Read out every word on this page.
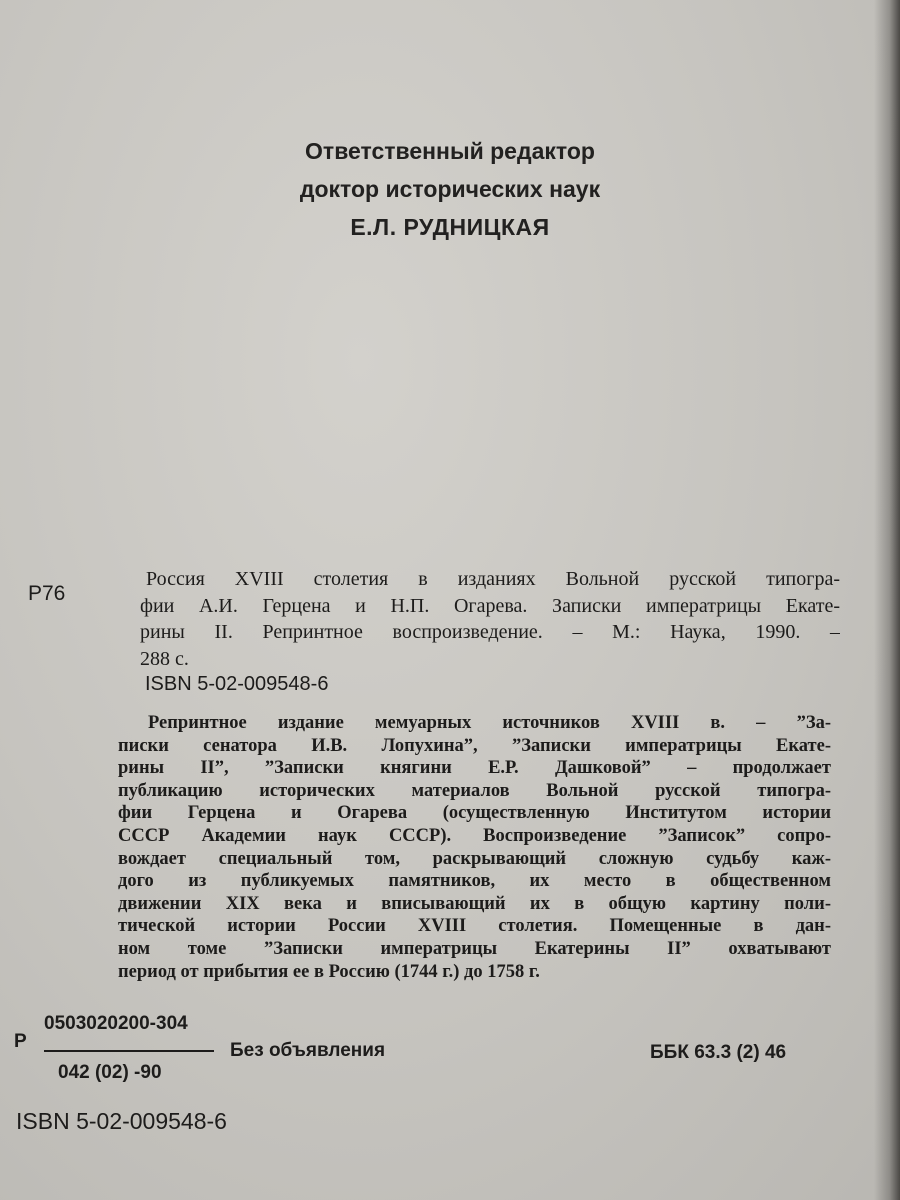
Ответственный редактор
доктор исторических наук
Е.Л. РУДНИЦКАЯ
Р76
Россия XVIII столетия в изданиях Вольной русской типогра-
фии А.И. Герцена и Н.П. Огарева. Записки императрицы Екате-
рины II. Репринтное воспроизведение. – М.: Наука, 1990. –
288 с.
ISBN 5-02-009548-6
Репринтное издание мемуарных источников XVIII в. – ”За-
писки сенатора И.В. Лопухина”, ”Записки императрицы Екате-
рины II”, ”Записки княгини Е.Р. Дашковой” – продолжает
публикацию исторических материалов Вольной русской типогра-
фии Герцена и Огарева (осуществленную Институтом истории
СССР Академии наук СССР). Воспроизведение ”Записок” сопро-
вождает специальный том, раскрывающий сложную судьбу каж-
дого из публикуемых памятников, их место в общественном
движении XIX века и вписывающий их в общую картину поли-
тической истории России XVIII столетия. Помещенные в дан-
ном томе ”Записки императрицы Екатерины II” охватывают
период от прибытия ее в Россию (1744 г.) до 1758 г.
0503020200-304
Р
042 (02) -90
Без объявления	ББК 63.3 (2) 46
ISBN 5-02-009548-6
